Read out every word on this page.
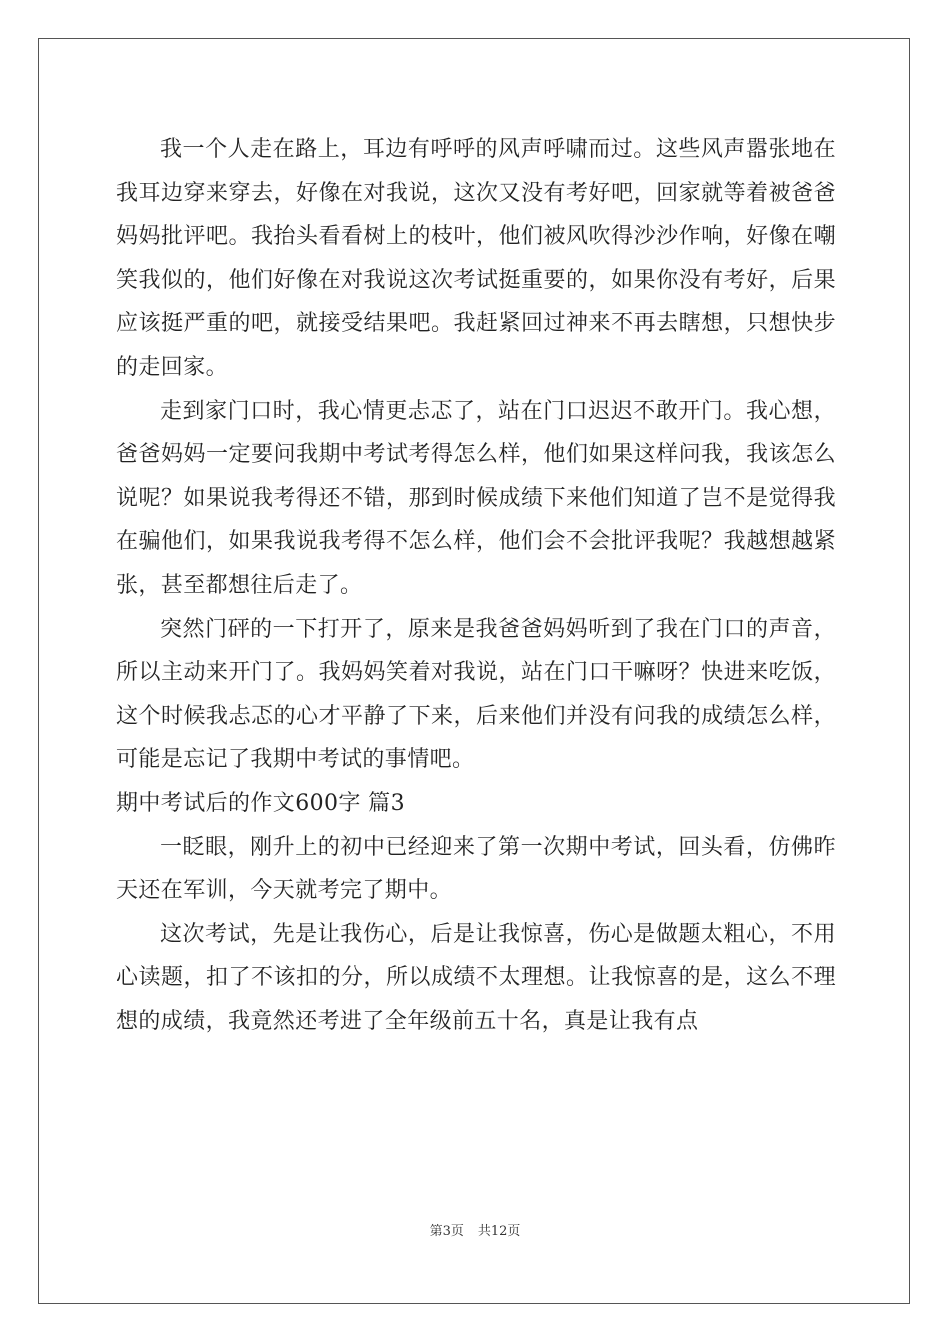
我一个人走在路上，耳边有呼呼的风声呼啸而过。这些风声嚣张地在我耳边穿来穿去，好像在对我说，这次又没有考好吧，回家就等着被爸爸妈妈批评吧。我抬头看看树上的枝叶，他们被风吹得沙沙作响，好像在嘲笑我似的，他们好像在对我说这次考试挺重要的，如果你没有考好，后果应该挺严重的吧，就接受结果吧。我赶紧回过神来不再去瞎想，只想快步的走回家。

走到家门口时，我心情更忐忑了，站在门口迟迟不敢开门。我心想，爸爸妈妈一定要问我期中考试考得怎么样，他们如果这样问我，我该怎么说呢？如果说我考得还不错，那到时候成绩下来他们知道了岂不是觉得我在骗他们，如果我说我考得不怎么样，他们会不会批评我呢？我越想越紧张，甚至都想往后走了。

突然门砰的一下打开了，原来是我爸爸妈妈听到了我在门口的声音，所以主动来开门了。我妈妈笑着对我说，站在门口干嘛呀？快进来吃饭，这个时候我忐忑的心才平静了下来，后来他们并没有问我的成绩怎么样，可能是忘记了我期中考试的事情吧。

期中考试后的作文600字 篇3

一眨眼，刚升上的初中已经迎来了第一次期中考试，回头看，仿佛昨天还在军训，今天就考完了期中。

这次考试，先是让我伤心，后是让我惊喜，伤心是做题太粗心，不用心读题，扣了不该扣的分，所以成绩不太理想。让我惊喜的是，这么不理想的成绩，我竟然还考进了全年级前五十名，真是让我有点

第3页 共12页
